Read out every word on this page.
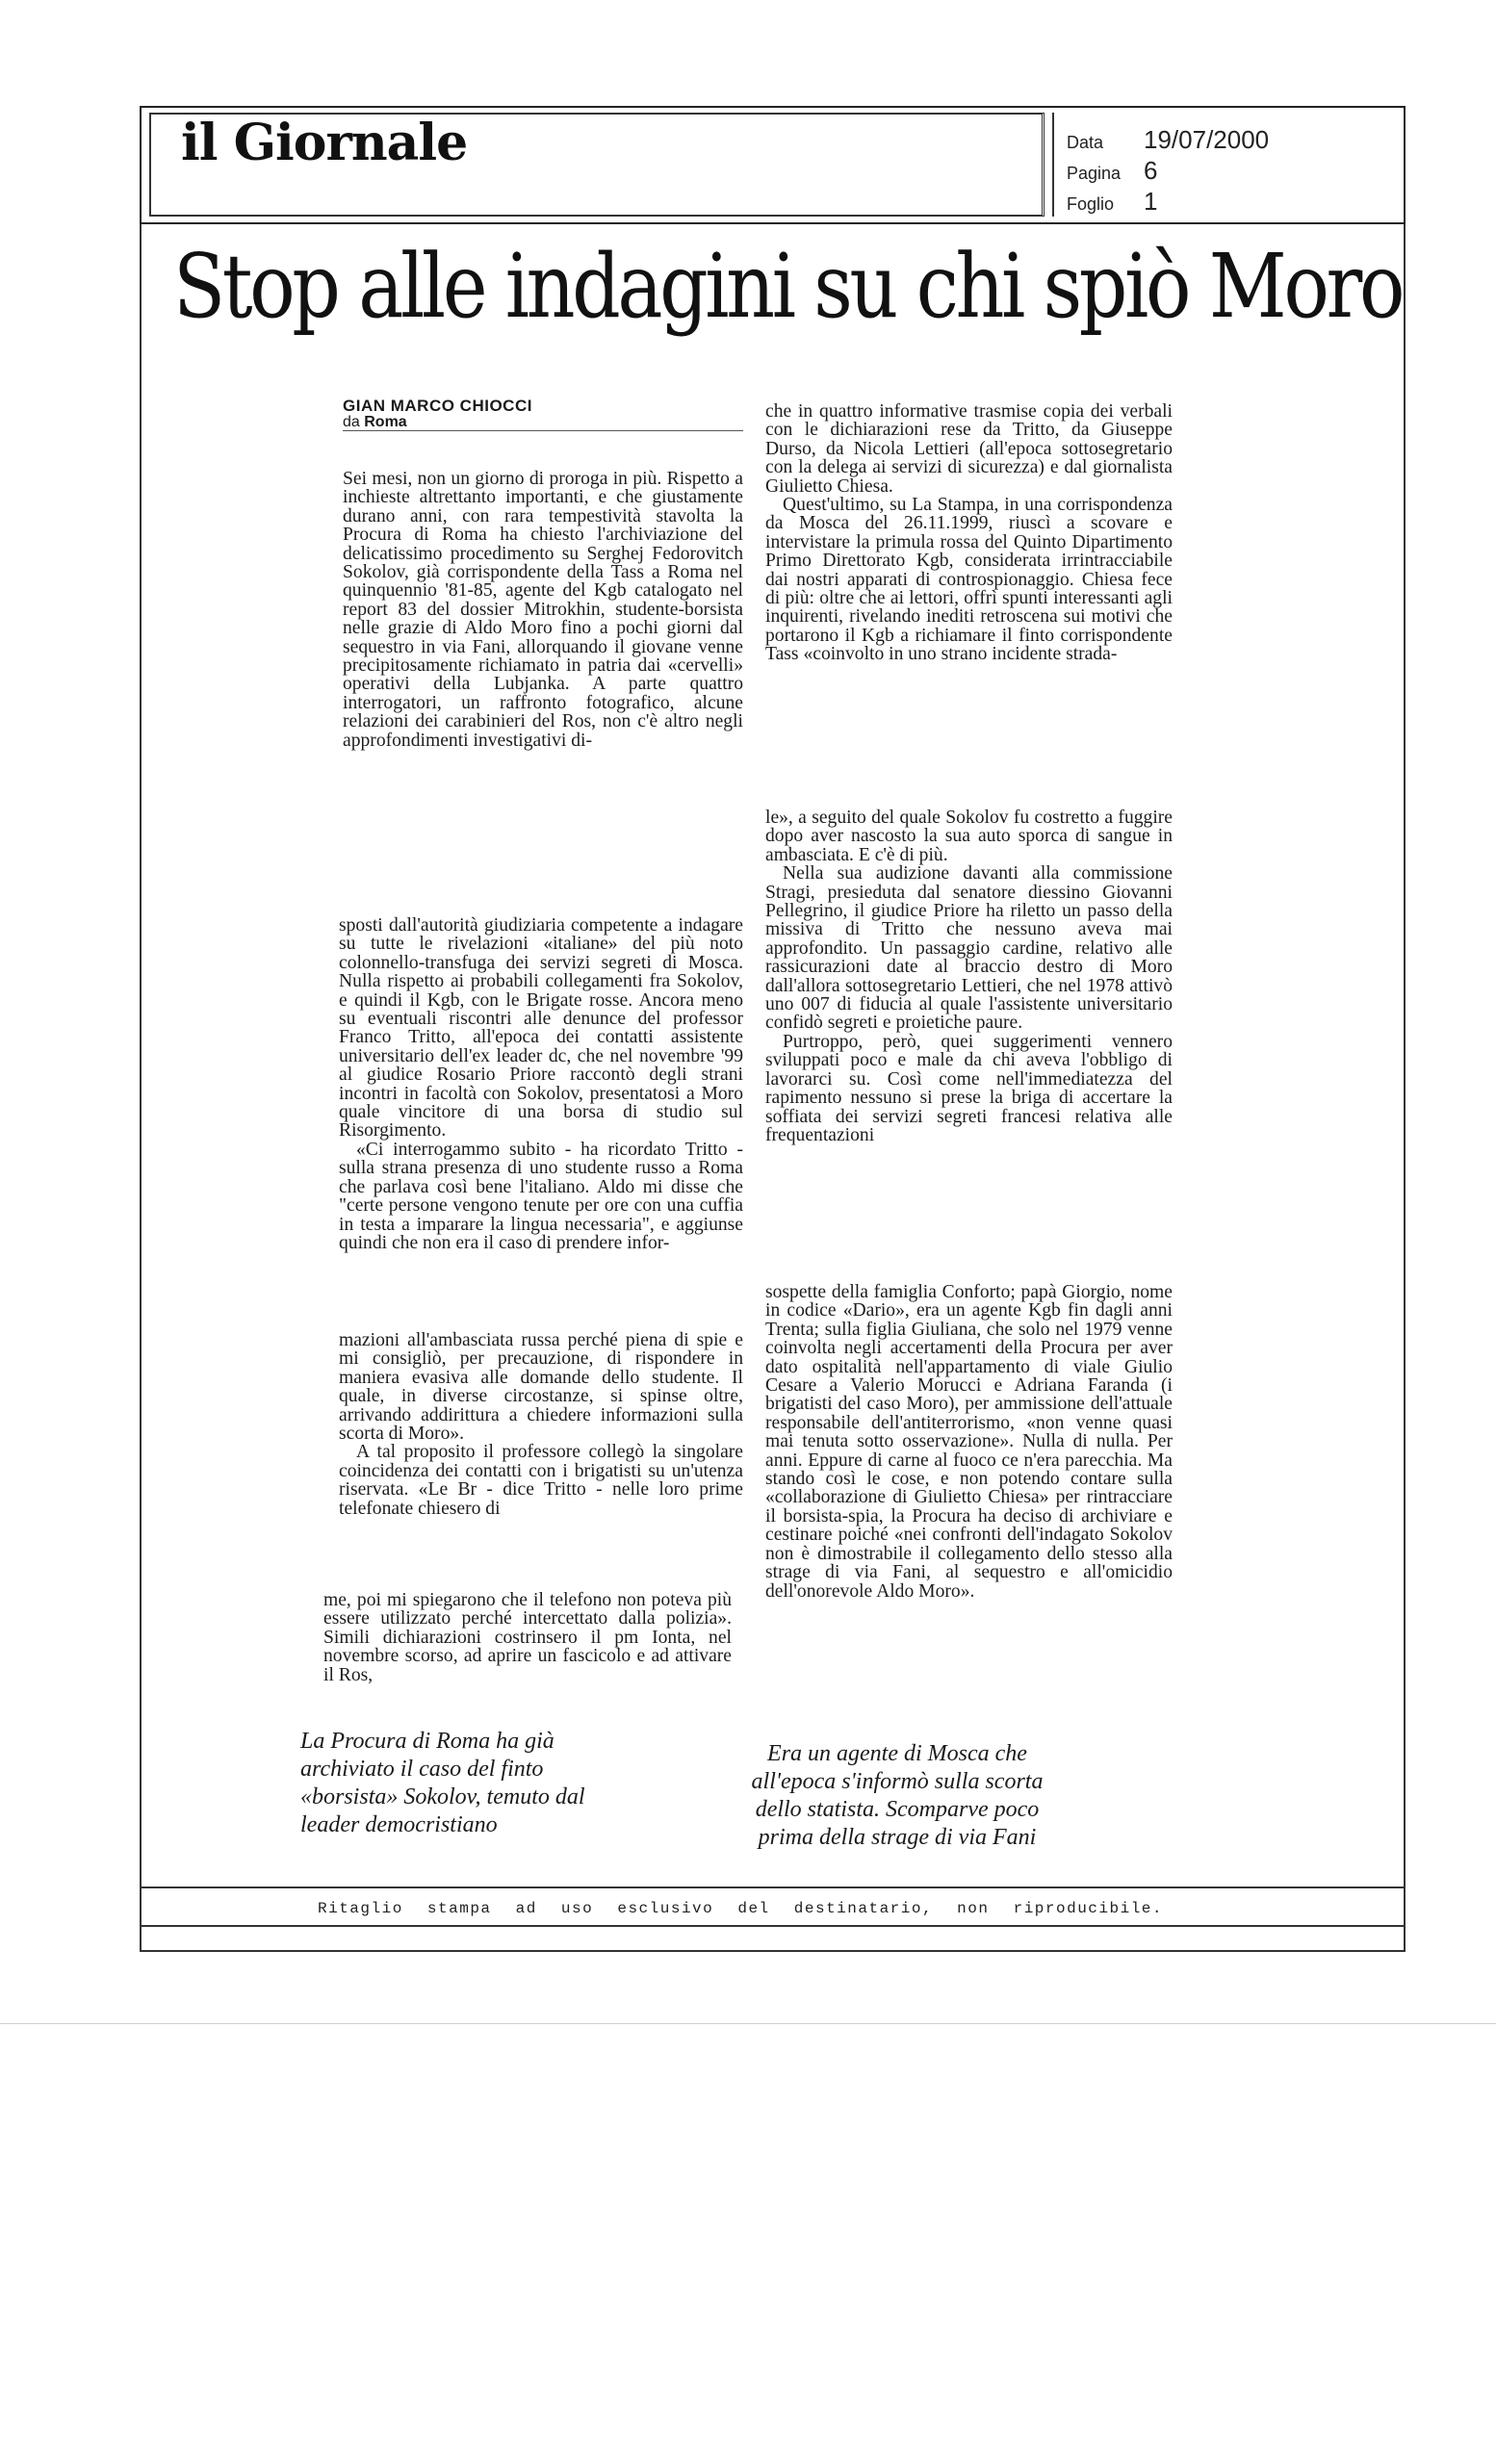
il Giornale	Data 19/07/2000
Pagina 6
Foglio 1
Stop alle indagini su chi spiò Moro
GIAN MARCO CHIOCCI
da Roma

Sei mesi, non un giorno di proroga in più. Rispetto a inchieste altrettanto importanti, e che giustamente durano anni, con rara tempestività stavolta la Procura di Roma ha chiesto l'archiviazione del delicatissimo procedimento su Serghej Fedorovitch Sokolov, già corrispondente della Tass a Roma nel quinquennio '81-85, agente del Kgb catalogato nel report 83 del dossier Mitrokhin, studente-borsista nelle grazie di Aldo Moro fino a pochi giorni dal sequestro in via Fani, allorquando il giovane venne precipitosamente richiamato in patria dai «cervelli» operativi della Lubjanka. A parte quattro interrogatori, un raffronto fotografico, alcune relazioni dei carabinieri del Ros, non c'è altro negli approfondimenti investigativi di-

sposti dall'autorità giudiziaria competente a indagare su tutte le rivelazioni «italiane» del più noto colonnello-transfuga dei servizi segreti di Mosca. Nulla rispetto ai probabili collegamenti fra Sokolov, e quindi il Kgb, con le Brigate rosse. Ancora meno su eventuali riscontri alle denunce del professor Franco Tritto, all'epoca dei contatti assistente universitario dell'ex leader dc, che nel novembre '99 al giudice Rosario Priore raccontò degli strani incontri in facoltà con Sokolov, presentatosi a Moro quale vincitore di una borsa di studio sul Risorgimento.

«Ci interrogammo subito - ha ricordato Tritto - sulla strana presenza di uno studente russo a Roma che parlava così bene l'italiano. Aldo mi disse che "certe persone vengono tenute per ore con una cuffia in testa a imparare la lingua necessaria", e aggiunse quindi che non era il caso di prendere infor-

mazioni all'ambasciata russa perché piena di spie e mi consigliò, per precauzione, di rispondere in maniera evasiva alle domande dello studente. Il quale, in diverse circostanze, si spinse oltre, arrivando addirittura a chiedere informazioni sulla scorta di Moro».

A tal proposito il professore collegò la singolare coincidenza dei contatti con i brigatisti su un'utenza riservata. «Le Br - dice Tritto - nelle loro prime telefonate chiesero di

me, poi mi spiegarono che il telefono non poteva più essere utilizzato perché intercettato dalla polizia». Simili dichiarazioni costrinsero il pm Ionta, nel novembre scorso, ad aprire un fascicolo e ad attivare il Ros,

che in quattro informative trasmise copia dei verbali con le dichiarazioni rese da Tritto, da Giuseppe Durso, da Nicola Lettieri (all'epoca sottosegretario con la delega ai servizi di sicurezza) e dal giornalista Giulietto Chiesa.

Quest'ultimo, su La Stampa, in una corrispondenza da Mosca del 26.11.1999, riuscì a scovare e intervistare la primula rossa del Quinto Dipartimento Primo Direttorato Kgb, considerata irrintracciabile dai nostri apparati di controspionaggio. Chiesa fece di più: oltre che ai lettori, offrì spunti interessanti agli inquirenti, rivelando inediti retroscena sui motivi che portarono il Kgb a richiamare il finto corrispondente Tass «coinvolto in uno strano incidente strada-

le», a seguito del quale Sokolov fu costretto a fuggire dopo aver nascosto la sua auto sporca di sangue in ambasciata. E c'è di più.

Nella sua audizione davanti alla commissione Stragi, presieduta dal senatore diessino Giovanni Pellegrino, il giudice Priore ha riletto un passo della missiva di Tritto che nessuno aveva mai approfondito. Un passaggio cardine, relativo alle rassicurazioni date al braccio destro di Moro dall'allora sottosegretario Lettieri, che nel 1978 attivò uno 007 di fiducia al quale l'assistente universitario confidò segreti e proietiche paure.

Purtroppo, però, quei suggerimenti vennero sviluppati poco e male da chi aveva l'obbligo di lavorarci su. Così come nell'immediatezza del rapimento nessuno si prese la briga di accertare la soffiata dei servizi segreti francesi relativa alle frequentazioni

sospette della famiglia Conforto; papà Giorgio, nome in codice «Dario», era un agente Kgb fin dagli anni Trenta; sulla figlia Giuliana, che solo nel 1979 venne coinvolta negli accertamenti della Procura per aver dato ospitalità nell'appartamento di viale Giulio Cesare a Valerio Morucci e Adriana Faranda (i brigatisti del caso Moro), per ammissione dell'attuale responsabile dell'antiterrorismo, «non venne quasi mai tenuta sotto osservazione». Nulla di nulla. Per anni. Eppure di carne al fuoco ce n'era parecchia. Ma stando così le cose, e non potendo contare sulla «collaborazione di Giulietto Chiesa» per rintracciare il borsista-spia, la Procura ha deciso di archiviare e cestinare poiché «nei confronti dell'indagato Sokolov non è dimostrabile il collegamento dello stesso alla strage di via Fani, al sequestro e all'omicidio dell'onorevole Aldo Moro».

La Procura di Roma ha già archiviato il caso del finto «borsista» Sokolov, temuto dal leader democristiano
Era un agente di Mosca che all'epoca s'informò sulla scorta dello statista. Scomparve poco prima della strage di via Fani
Ritaglio stampa ad uso esclusivo del destinatario, non riproducibile.
